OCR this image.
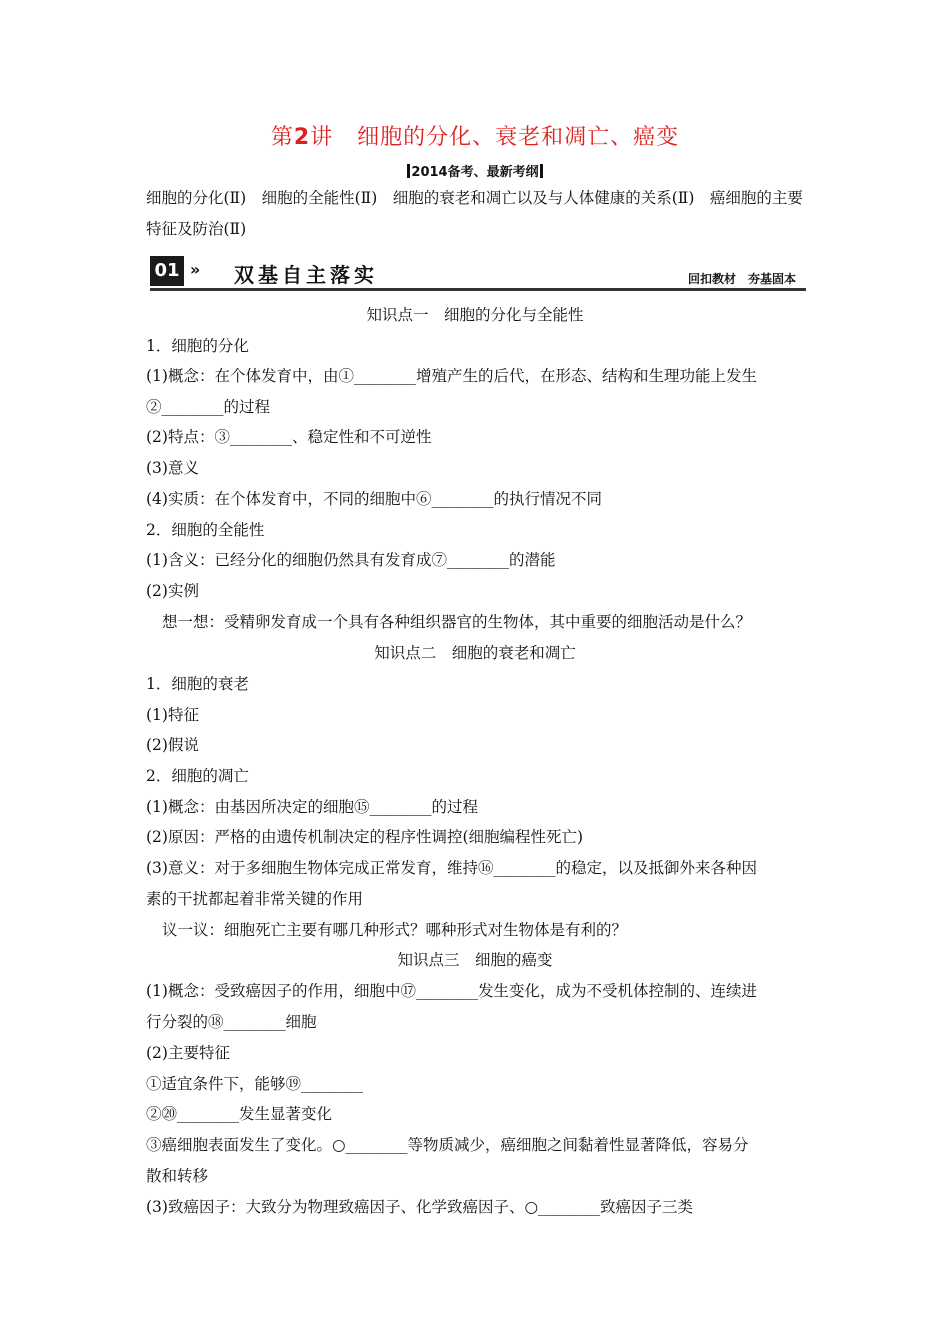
第2讲 细胞的分化、衰老和凋亡、癌变
2014备考、最新考纲
细胞的分化(Ⅱ)　细胞的全能性(Ⅱ)　细胞的衰老和凋亡以及与人体健康的关系(Ⅱ)　癌细胞的主要特征及防治(Ⅱ)
01 » 双基自主落实	回扣教材　夯基固本
知识点一　细胞的分化与全能性
1．细胞的分化
(1)概念：在个体发育中，由①________增殖产生的后代，在形态、结构和生理功能上发生
②________的过程
(2)特点：③________、稳定性和不可逆性
(3)意义
(4)实质：在个体发育中，不同的细胞中⑥________的执行情况不同
2．细胞的全能性
(1)含义：已经分化的细胞仍然具有发育成⑦________的潜能
(2)实例
想一想：受精卵发育成一个具有各种组织器官的生物体，其中重要的细胞活动是什么？
知识点二　细胞的衰老和凋亡
1．细胞的衰老
(1)特征
(2)假说
2．细胞的凋亡
(1)概念：由基因所决定的细胞⑮________的过程
(2)原因：严格的由遗传机制决定的程序性调控(细胞编程性死亡)
(3)意义：对于多细胞生物体完成正常发育，维持⑯________的稳定，以及抵御外来各种因
素的干扰都起着非常关键的作用
议一议：细胞死亡主要有哪几种形式？哪种形式对生物体是有利的？
知识点三　细胞的癌变
(1)概念：受致癌因子的作用，细胞中⑰________发生变化，成为不受机体控制的、连续进
行分裂的⑱________细胞
(2)主要特征
①适宜条件下，能够⑲________
②⑳________发生显著变化
③癌细胞表面发生了变化。○________等物质减少，癌细胞之间黏着性显著降低，容易分
散和转移
(3)致癌因子：大致分为物理致癌因子、化学致癌因子、○________致癌因子三类
